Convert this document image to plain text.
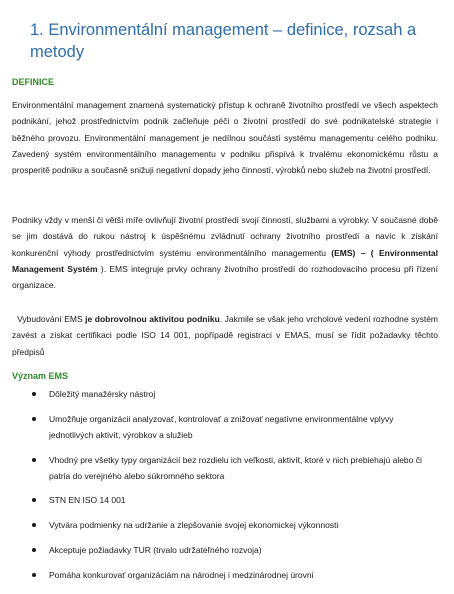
1. Environmentální management – definice, rozsah a metody
DEFINICE

Environmentální management znamená systematický přístup k ochraně životního prostředí ve všech aspektech podnikání, jehož prostřednictvím podnik začleňuje péči o životní prostředí do své podnikatelské strategie i běžného provozu. Environmentální management je nedílnou součástí systému managementu celého podniku. Zavedený systém environmentálního managementu v podniku přispívá k trvalému ekonomickému růstu a prosperitě podniku a současně snižuji negativní dopady jeho činností, výrobků nebo služeb na životní prostředí.

Podniky vždy v menší či větší míře ovlivňují životní prostředí svojí činností, službami a výrobky. V současné době se jim dostává do rukou nástroj k úspěšnému zvládnutí ochrany životního prostředí a navíc k získání konkurenční výhody prostřednictvím systému environmentálního managementu (EMS) – ( Environmental Management Systém ). EMS integruje prvky ochrany životního prostředí do rozhodovacího procesu při řízení organizace.

Vybudování EMS je dobrovolnou aktivitou podniku. Jakmile se však jeho vrcholové vedení rozhodne systém zavést a získat certifikaci podle ISO 14 001, popřípadě registraci v EMAS, musí se řídit požadavky těchto předpisů

Význam EMS
Dôležitý manažérsky nástroj
Umožňuje organizácii analyzovať, kontrolovať a znižovať negatívne environmentálne vplyvy jednotlivých aktivít, výrobkov a služieb
Vhodný pre všetky typy organizácií bez rozdielu ich veľkosti, aktivít, ktoré v nich prebiehajú alebo či patria do verejného alebo súkromného sektora
STN EN ISO 14 001
Vytvára podmienky na udržanie a zlepšovanie svojej ekonomickej výkonnosti
Akceptuje požiadavky TUR (trvalo udržateľného rozvoja)
Pomáha konkurovať organizáciám na národnej i medzinárodnej úrovni
